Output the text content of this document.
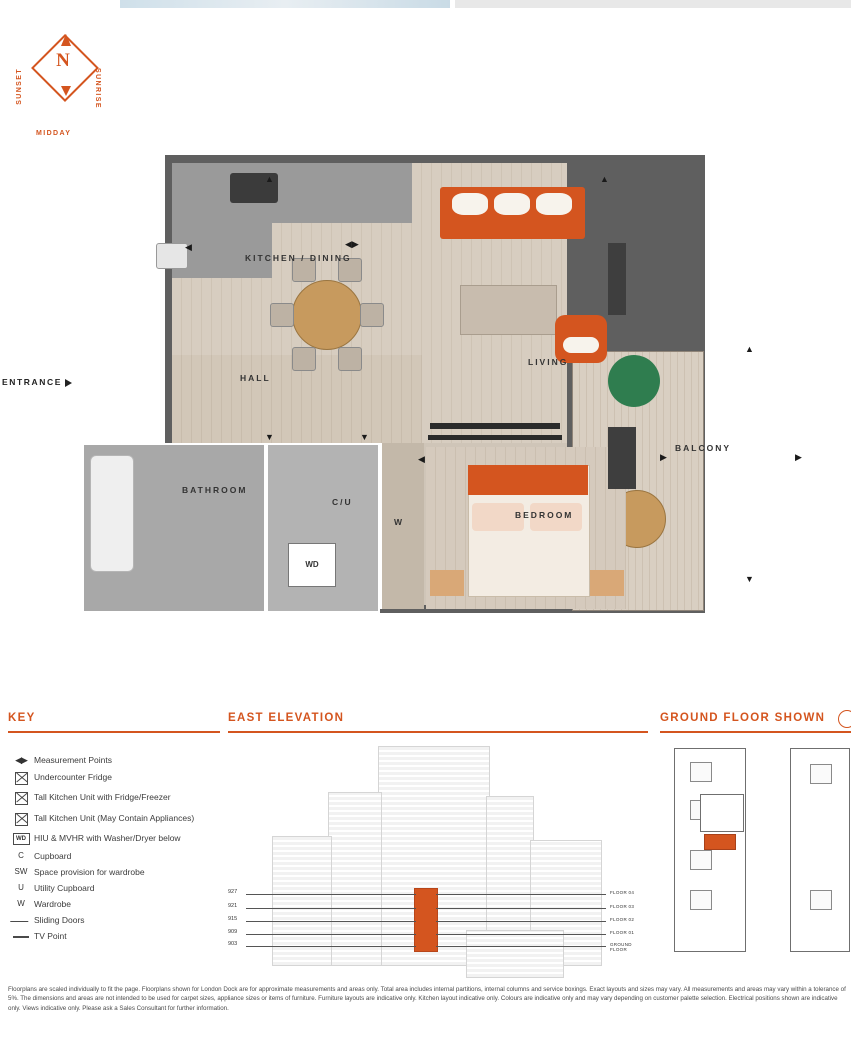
N
SUNSET	SUNRISE
MIDDAY
WD
ENTRANCE
KITCHEN / DINING
HALL
LIVING
BATHROOM
C/U
BEDROOM
BALCONY
W
▲	▲
◀	◀▶
▼	▼
◀	▶
▲
▼
▶
KEY
◀▶ Measurement Points
Undercounter Fridge
Tall Kitchen Unit with Fridge/Freezer
Tall Kitchen Unit (May Contain Appliances)
WD HIU & MVHR with Washer/Dryer below
C	Cupboard
SW Space provision for wardrobe
U	Utility Cupboard
W	Wardrobe
Sliding Doors
TV Point
EAST ELEVATION
927
921
915
909
903
FLOOR 04
FLOOR 03
FLOOR 02
FLOOR 01
GROUND FLOOR
GROUND FLOOR SHOWN
Floorplans are scaled individually to fit the page. Floorplans shown for London Dock are for approximate measurements and areas only. Total area includes internal partitions, internal columns and service boxings. Exact layouts and sizes may vary. All measurements and areas may vary within a tolerance of 5%. The dimensions and areas are not intended to be used for carpet sizes, appliance sizes or items of furniture. Furniture layouts are indicative only. Kitchen layout indicative only. Colours are indicative only and may vary depending on customer palette selection. Electrical positions shown are indicative only. Views indicative only. Please ask a Sales Consultant for further information.
